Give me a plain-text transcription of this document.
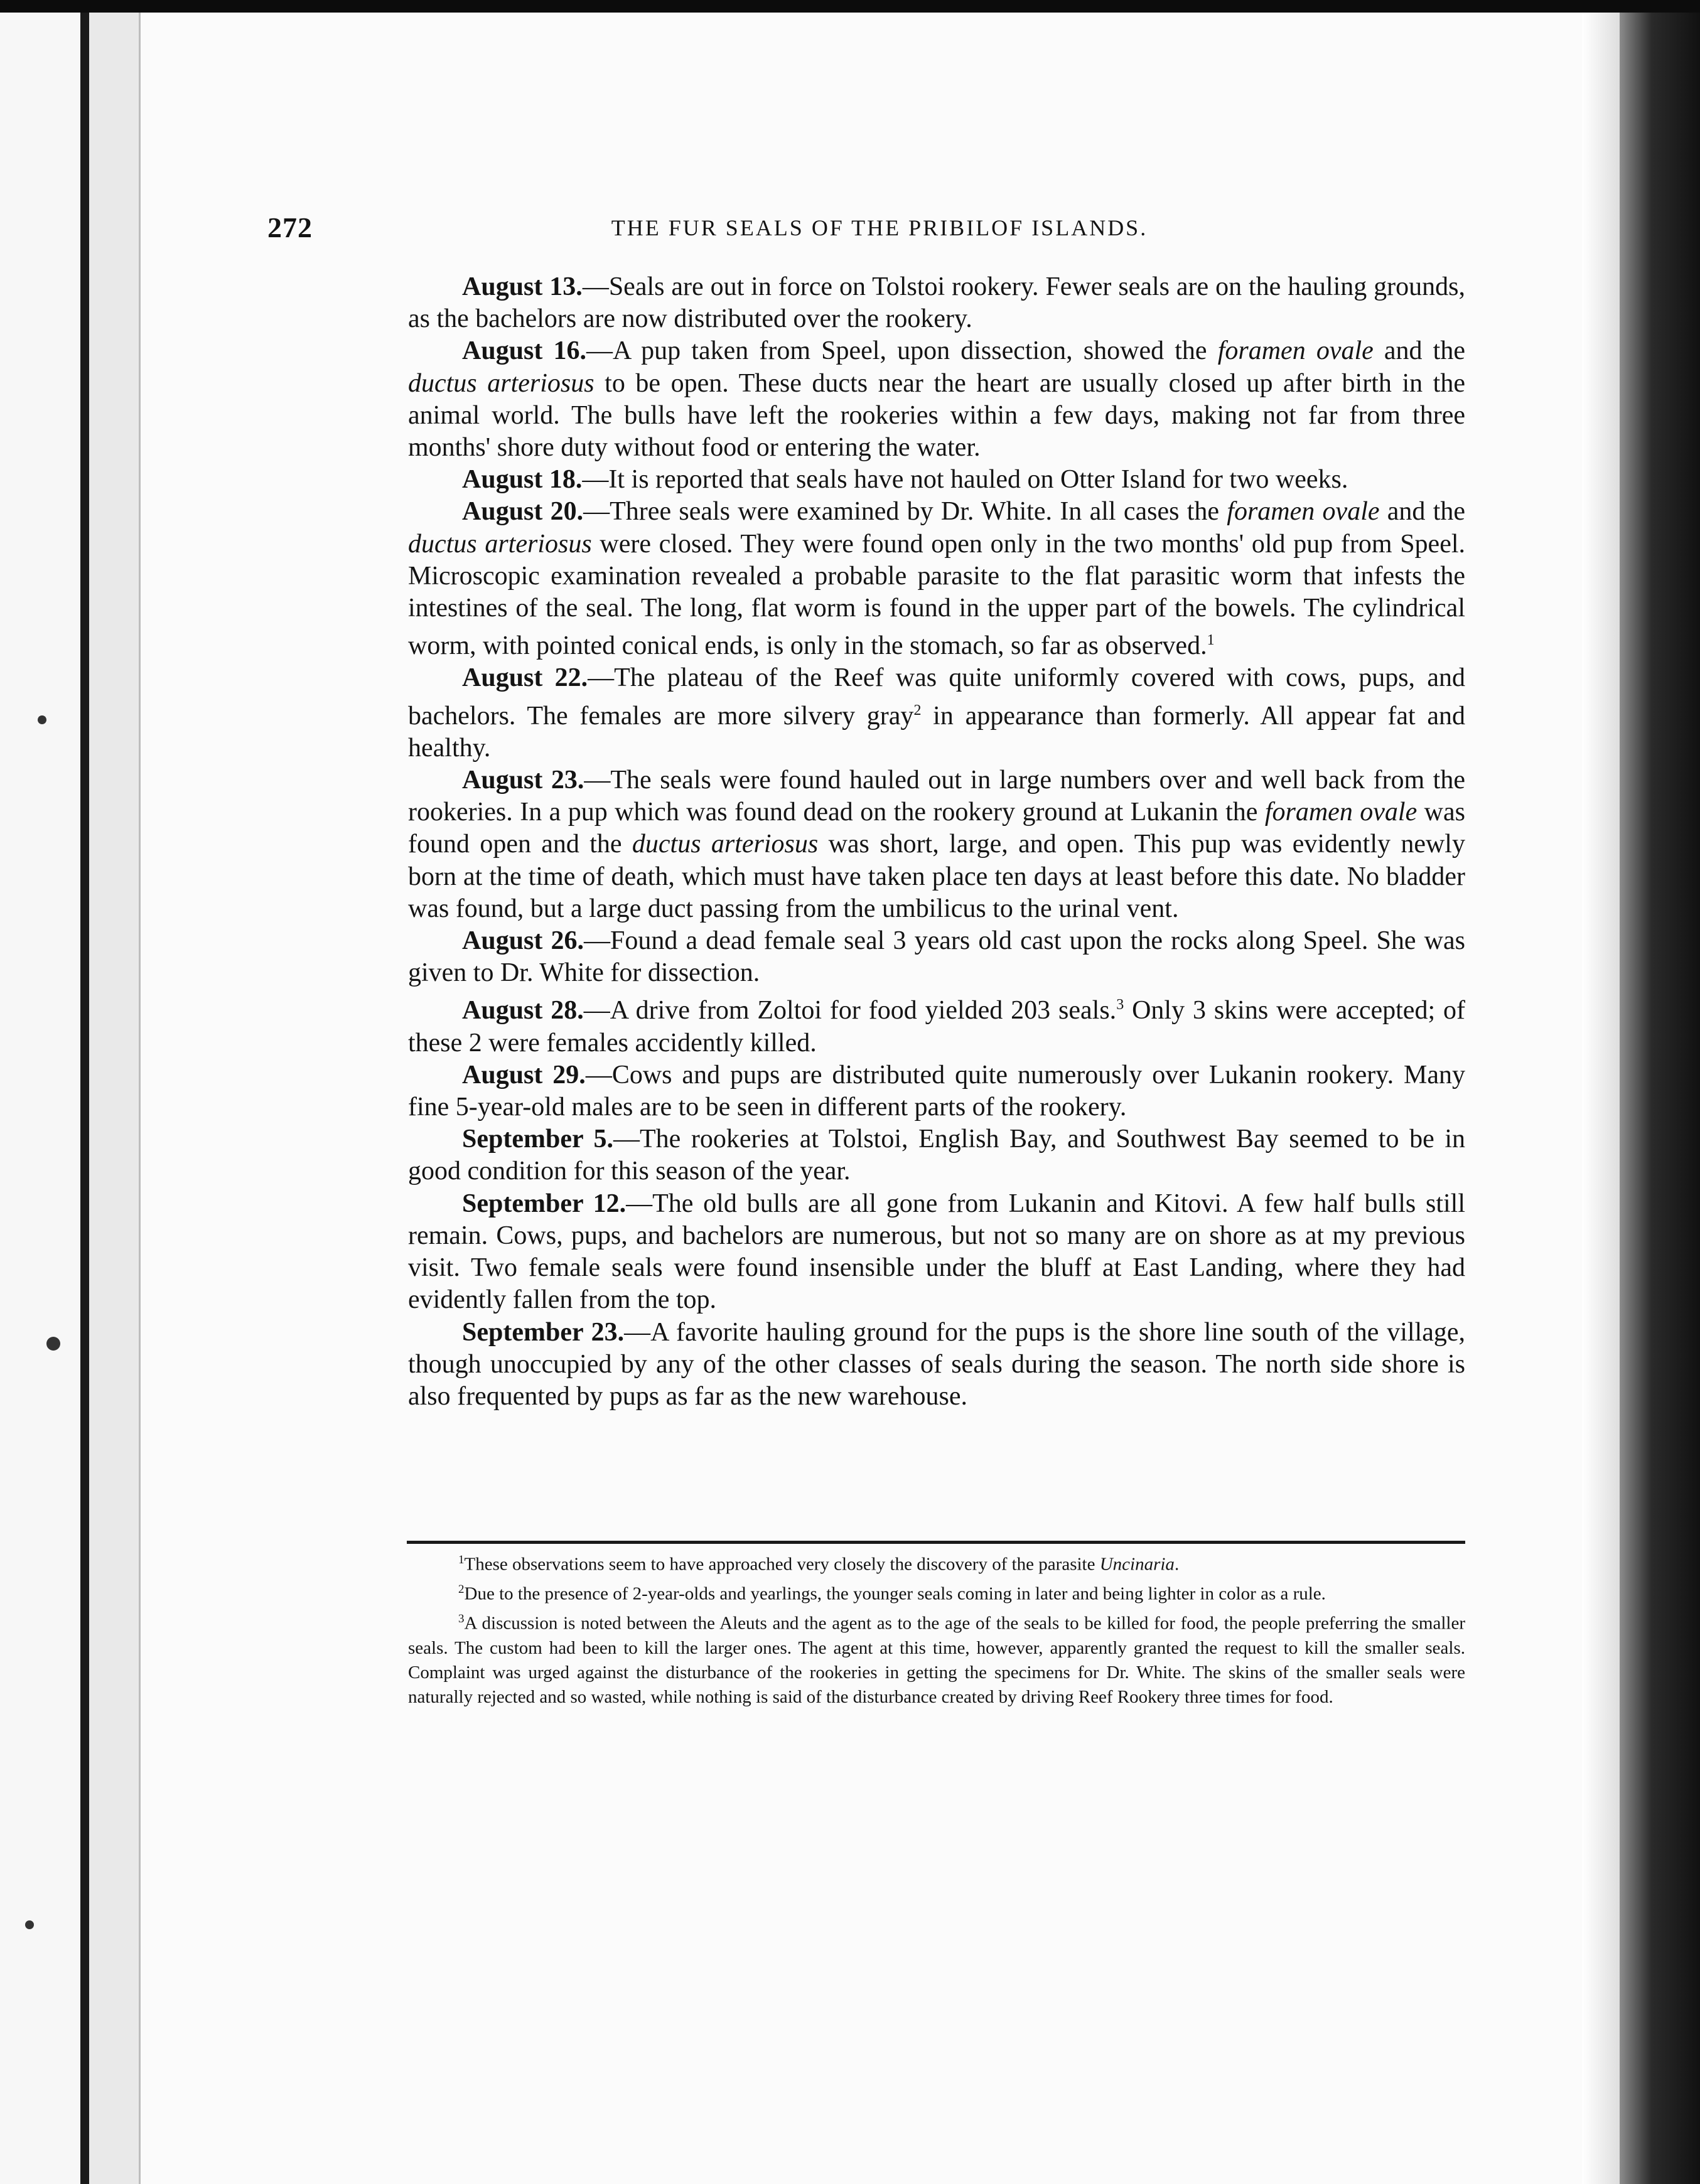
272	THE FUR SEALS OF THE PRIBILOF ISLANDS.

August 13.—Seals are out in force on Tolstoi rookery. Fewer seals are on the hauling grounds, as the bachelors are now distributed over the rookery.

August 16.—A pup taken from Speel, upon dissection, showed the foramen ovale and the ductus arteriosus to be open. These ducts near the heart are usually closed up after birth in the animal world. The bulls have left the rookeries within a few days, making not far from three months' shore duty without food or entering the water.

August 18.—It is reported that seals have not hauled on Otter Island for two weeks.

August 20.—Three seals were examined by Dr. White. In all cases the foramen ovale and the ductus arteriosus were closed. They were found open only in the two months' old pup from Speel. Microscopic examination revealed a probable parasite to the flat parasitic worm that infests the intestines of the seal. The long, flat worm is found in the upper part of the bowels. The cylindrical worm, with pointed conical ends, is only in the stomach, so far as observed.$^1$

August 22.—The plateau of the Reef was quite uniformly covered with cows, pups, and bachelors. The females are more silvery gray$^2$ in appearance than formerly. All appear fat and healthy.

August 23.—The seals were found hauled out in large numbers over and well back from the rookeries. In a pup which was found dead on the rookery ground at Lukanin the foramen ovale was found open and the ductus arteriosus was short, large, and open. This pup was evidently newly born at the time of death, which must have taken place ten days at least before this date. No bladder was found, but a large duct passing from the umbilicus to the urinal vent.

August 26.—Found a dead female seal 3 years old cast upon the rocks along Speel. She was given to Dr. White for dissection.

August 28.—A drive from Zoltoi for food yielded 203 seals.$^3$ Only 3 skins were accepted; of these 2 were females accidently killed.

August 29.—Cows and pups are distributed quite numerously over Lukanin rookery. Many fine 5-year-old males are to be seen in different parts of the rookery.

September 5.—The rookeries at Tolstoi, English Bay, and Southwest Bay seemed to be in good condition for this season of the year.

September 12.—The old bulls are all gone from Lukanin and Kitovi. A few half bulls still remain. Cows, pups, and bachelors are numerous, but not so many are on shore as at my previous visit. Two female seals were found insensible under the bluff at East Landing, where they had evidently fallen from the top.

September 23.—A favorite hauling ground for the pups is the shore line south of the village, though unoccupied by any of the other classes of seals during the season. The north side shore is also frequented by pups as far as the new warehouse.

$^1$These observations seem to have approached very closely the discovery of the parasite Uncinaria.

$^2$Due to the presence of 2-year-olds and yearlings, the younger seals coming in later and being lighter in color as a rule.

$^3$A discussion is noted between the Aleuts and the agent as to the age of the seals to be killed for food, the people preferring the smaller seals. The custom had been to kill the larger ones. The agent at this time, however, apparently granted the request to kill the smaller seals. Complaint was urged against the disturbance of the rookeries in getting the specimens for Dr. White. The skins of the smaller seals were naturally rejected and so wasted, while nothing is said of the disturbance created by driving Reef Rookery three times for food.
